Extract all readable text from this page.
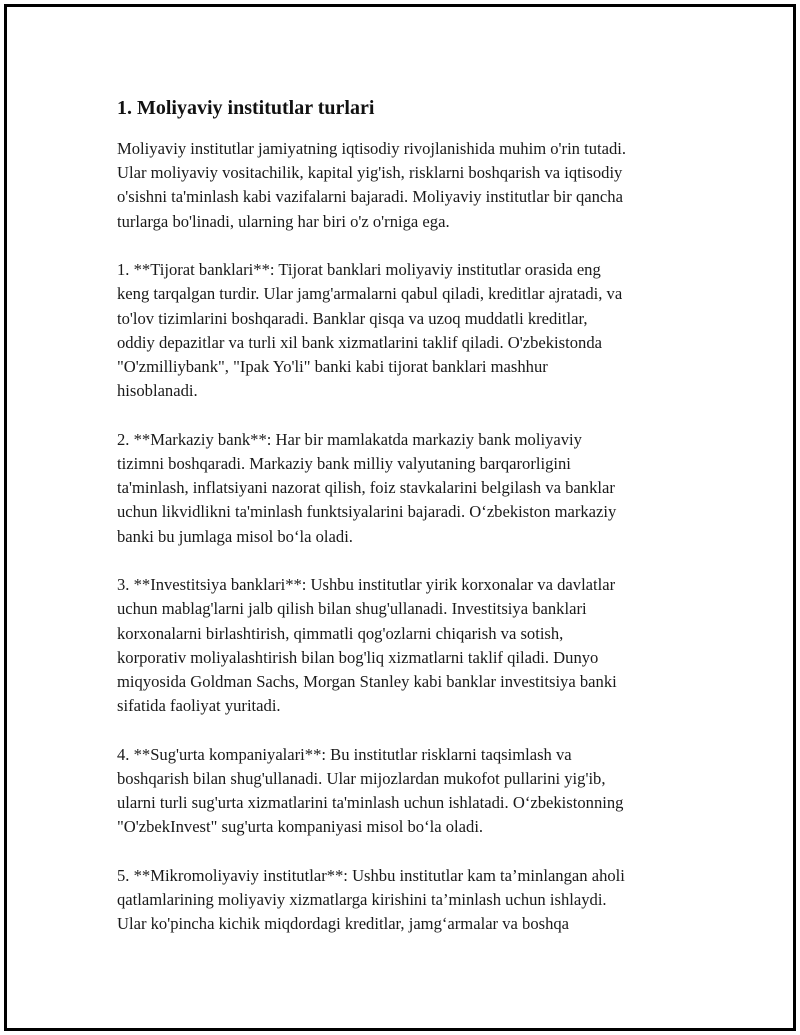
1. Moliyaviy institutlar turlari

Moliyaviy institutlar jamiyatning iqtisodiy rivojlanishida muhim o'rin tutadi.
Ular moliyaviy vositachilik, kapital yig'ish, risklarni boshqarish va iqtisodiy
o'sishni ta'minlash kabi vazifalarni bajaradi. Moliyaviy institutlar bir qancha
turlarga bo'linadi, ularning har biri o'z o'rniga ega.

1. **Tijorat banklari**: Tijorat banklari moliyaviy institutlar orasida eng
keng tarqalgan turdir. Ular jamg'armalarni qabul qiladi, kreditlar ajratadi, va
to'lov tizimlarini boshqaradi. Banklar qisqa va uzoq muddatli kreditlar,
oddiy depazitlar va turli xil bank xizmatlarini taklif qiladi. O'zbekistonda
"O'zmilliybank", "Ipak Yo'li" banki kabi tijorat banklari mashhur
hisoblanadi.

2. **Markaziy bank**: Har bir mamlakatda markaziy bank moliyaviy
tizimni boshqaradi. Markaziy bank milliy valyutaning barqarorligini
ta'minlash, inflatsiyani nazorat qilish, foiz stavkalarini belgilash va banklar
uchun likvidlikni ta'minlash funktsiyalarini bajaradi. O‘zbekiston markaziy
banki bu jumlaga misol bo‘la oladi.

3. **Investitsiya banklari**: Ushbu institutlar yirik korxonalar va davlatlar
uchun mablag'larni jalb qilish bilan shug'ullanadi. Investitsiya banklari
korxonalarni birlashtirish, qimmatli qog'ozlarni chiqarish va sotish,
korporativ moliyalashtirish bilan bog'liq xizmatlarni taklif qiladi. Dunyo
miqyosida Goldman Sachs, Morgan Stanley kabi banklar investitsiya banki
sifatida faoliyat yuritadi.

4. **Sug'urta kompaniyalari**: Bu institutlar risklarni taqsimlash va
boshqarish bilan shug'ullanadi. Ular mijozlardan mukofot pullarini yig'ib,
ularni turli sug'urta xizmatlarini ta'minlash uchun ishlatadi. O‘zbekistonning
"O'zbekInvest" sug'urta kompaniyasi misol bo‘la oladi.

5. **Mikromoliyaviy institutlar**: Ushbu institutlar kam ta’minlangan aholi
qatlamlarining moliyaviy xizmatlarga kirishini ta’minlash uchun ishlaydi.
Ular ko'pincha kichik miqdordagi kreditlar, jamg‘armalar va boshqa
